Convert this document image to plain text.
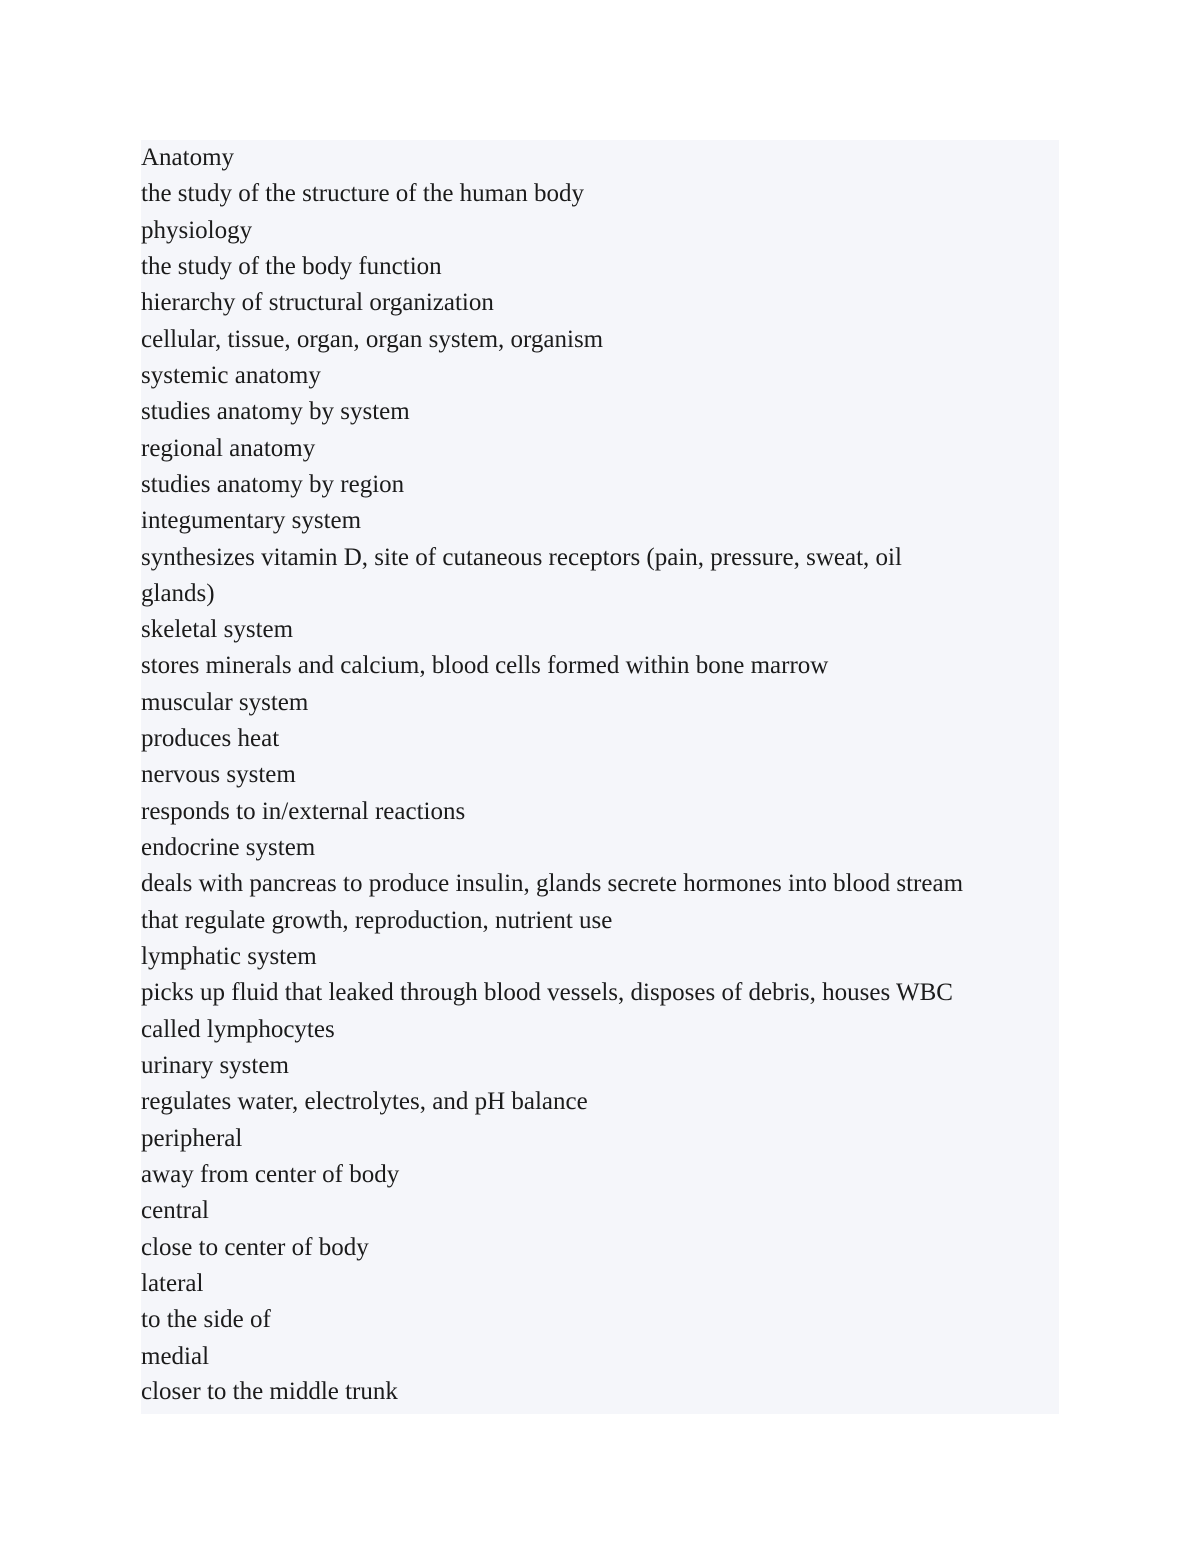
Anatomy

the study of the structure of the human body

physiology

the study of the body function

hierarchy of structural organization

cellular, tissue, organ, organ system, organism

systemic anatomy

studies anatomy by system

regional anatomy

studies anatomy by region

integumentary system

synthesizes vitamin D, site of cutaneous receptors (pain, pressure, sweat, oil

glands)

skeletal system

stores minerals and calcium, blood cells formed within bone marrow

muscular system

produces heat

nervous system

responds to in/external reactions

endocrine system

deals with pancreas to produce insulin, glands secrete hormones into blood stream

that regulate growth, reproduction, nutrient use

lymphatic system

picks up fluid that leaked through blood vessels, disposes of debris, houses WBC

called lymphocytes

urinary system

regulates water, electrolytes, and pH balance

peripheral

away from center of body

central

close to center of body

lateral

to the side of

medial

closer to the middle trunk
